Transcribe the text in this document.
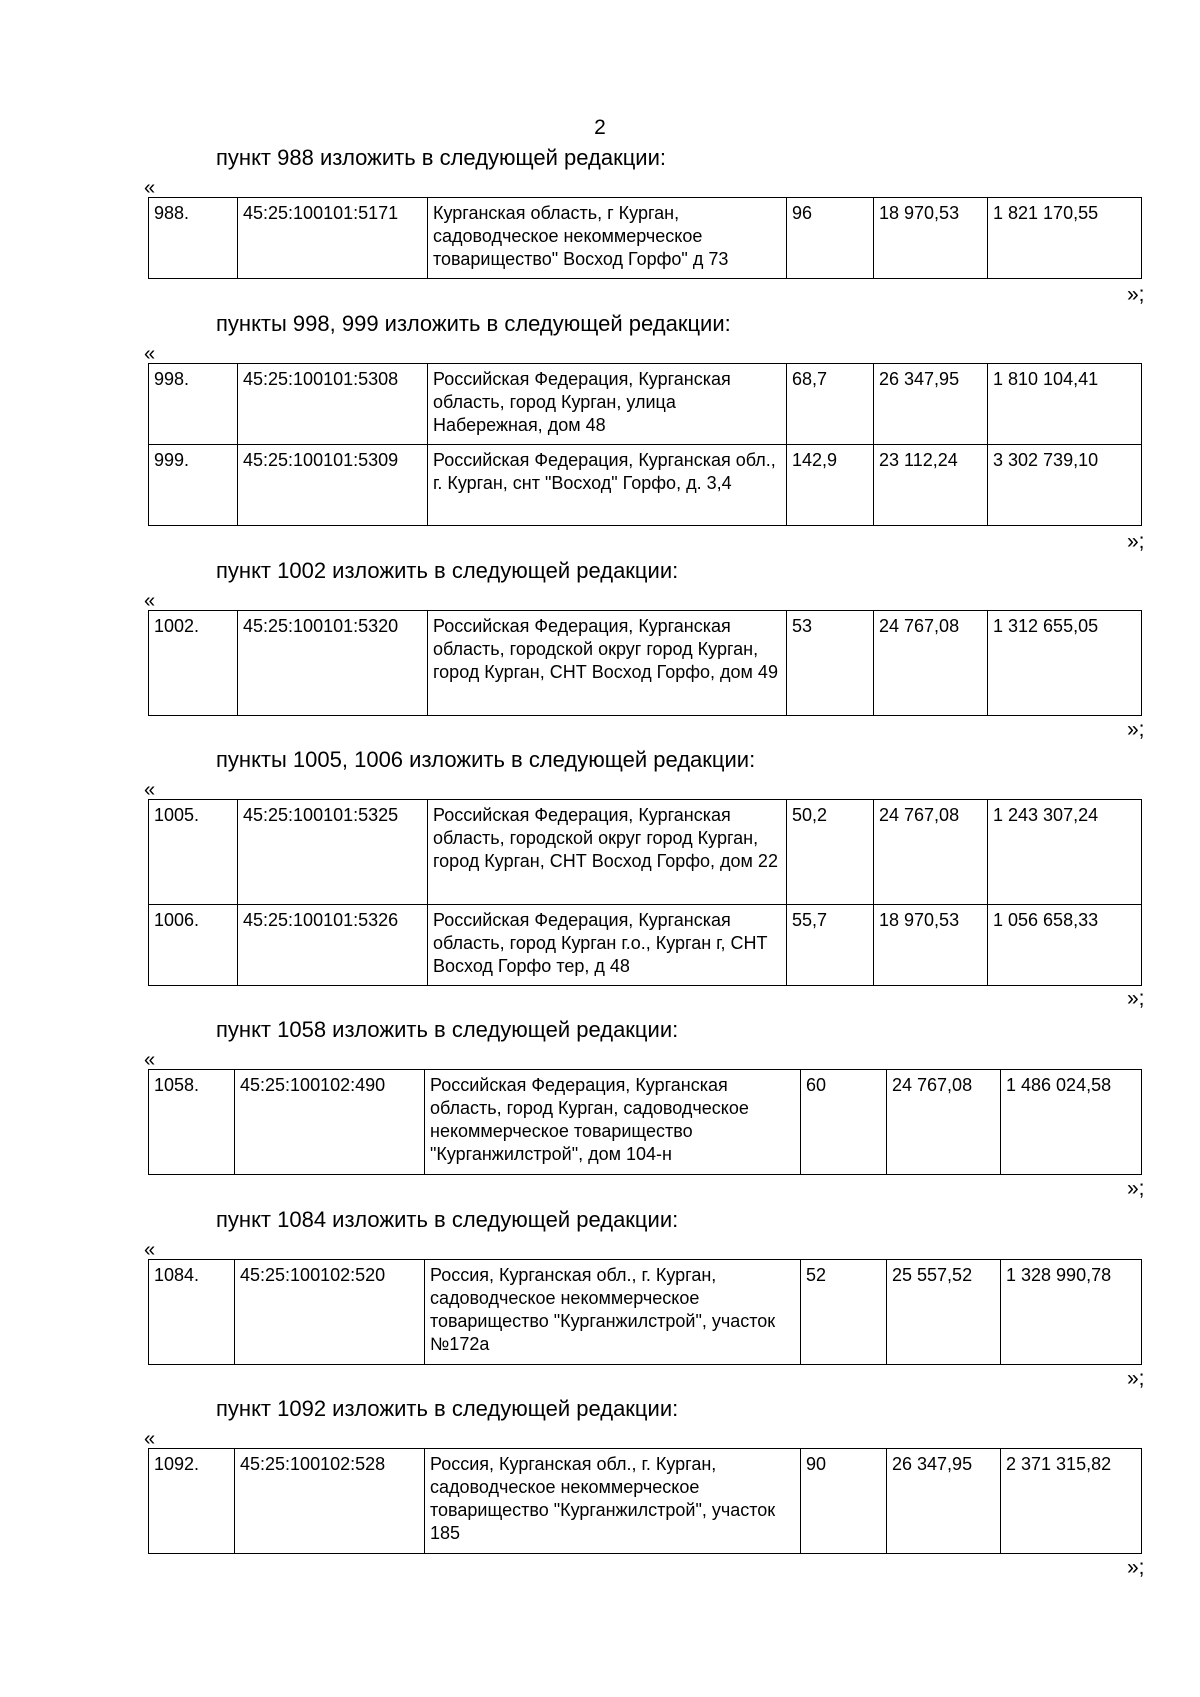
2
пункт 988 изложить в следующей редакции:
«
988.	45:25:100101:5171	Курганская область, г Курган, садоводческое некоммерческое товарищество" Восход Горфо" д 73	96	18 970,53	1 821 170,55
»;
пункты 998, 999 изложить в следующей редакции:
«
998.	45:25:100101:5308	Российская Федерация, Курганская область, город Курган, улица Набережная, дом 48	68,7	26 347,95	1 810 104,41
999.	45:25:100101:5309	Российская Федерация, Курганская обл., г. Курган, снт "Восход" Горфо, д. 3,4	142,9	23 112,24	3 302 739,10
»;
пункт 1002 изложить в следующей редакции:
«
1002.	45:25:100101:5320	Российская Федерация, Курганская область, городской округ город Курган, город Курган, СНТ Восход Горфо, дом 49	53	24 767,08	1 312 655,05
»;
пункты 1005, 1006 изложить в следующей редакции:
«
1005.	45:25:100101:5325	Российская Федерация, Курганская область, городской округ город Курган, город Курган, СНТ Восход Горфо, дом 22	50,2	24 767,08	1 243 307,24
1006.	45:25:100101:5326	Российская Федерация, Курганская область, город Курган г.о., Курган г, СНТ Восход Горфо тер, д 48	55,7	18 970,53	1 056 658,33
»;
пункт 1058 изложить в следующей редакции:
«
1058.	45:25:100102:490	Российская Федерация, Курганская область, город Курган, садоводческое некоммерческое товарищество "Курганжилстрой", дом 104-н	60	24 767,08	1 486 024,58
»;
пункт 1084 изложить в следующей редакции:
«
1084.	45:25:100102:520	Россия, Курганская обл., г. Курган, садоводческое некоммерческое товарищество "Курганжилстрой", участок №172а	52	25 557,52	1 328 990,78
»;
пункт 1092 изложить в следующей редакции:
«
1092.	45:25:100102:528	Россия, Курганская обл., г. Курган, садоводческое некоммерческое товарищество "Курганжилстрой", участок 185	90	26 347,95	2 371 315,82
»;
